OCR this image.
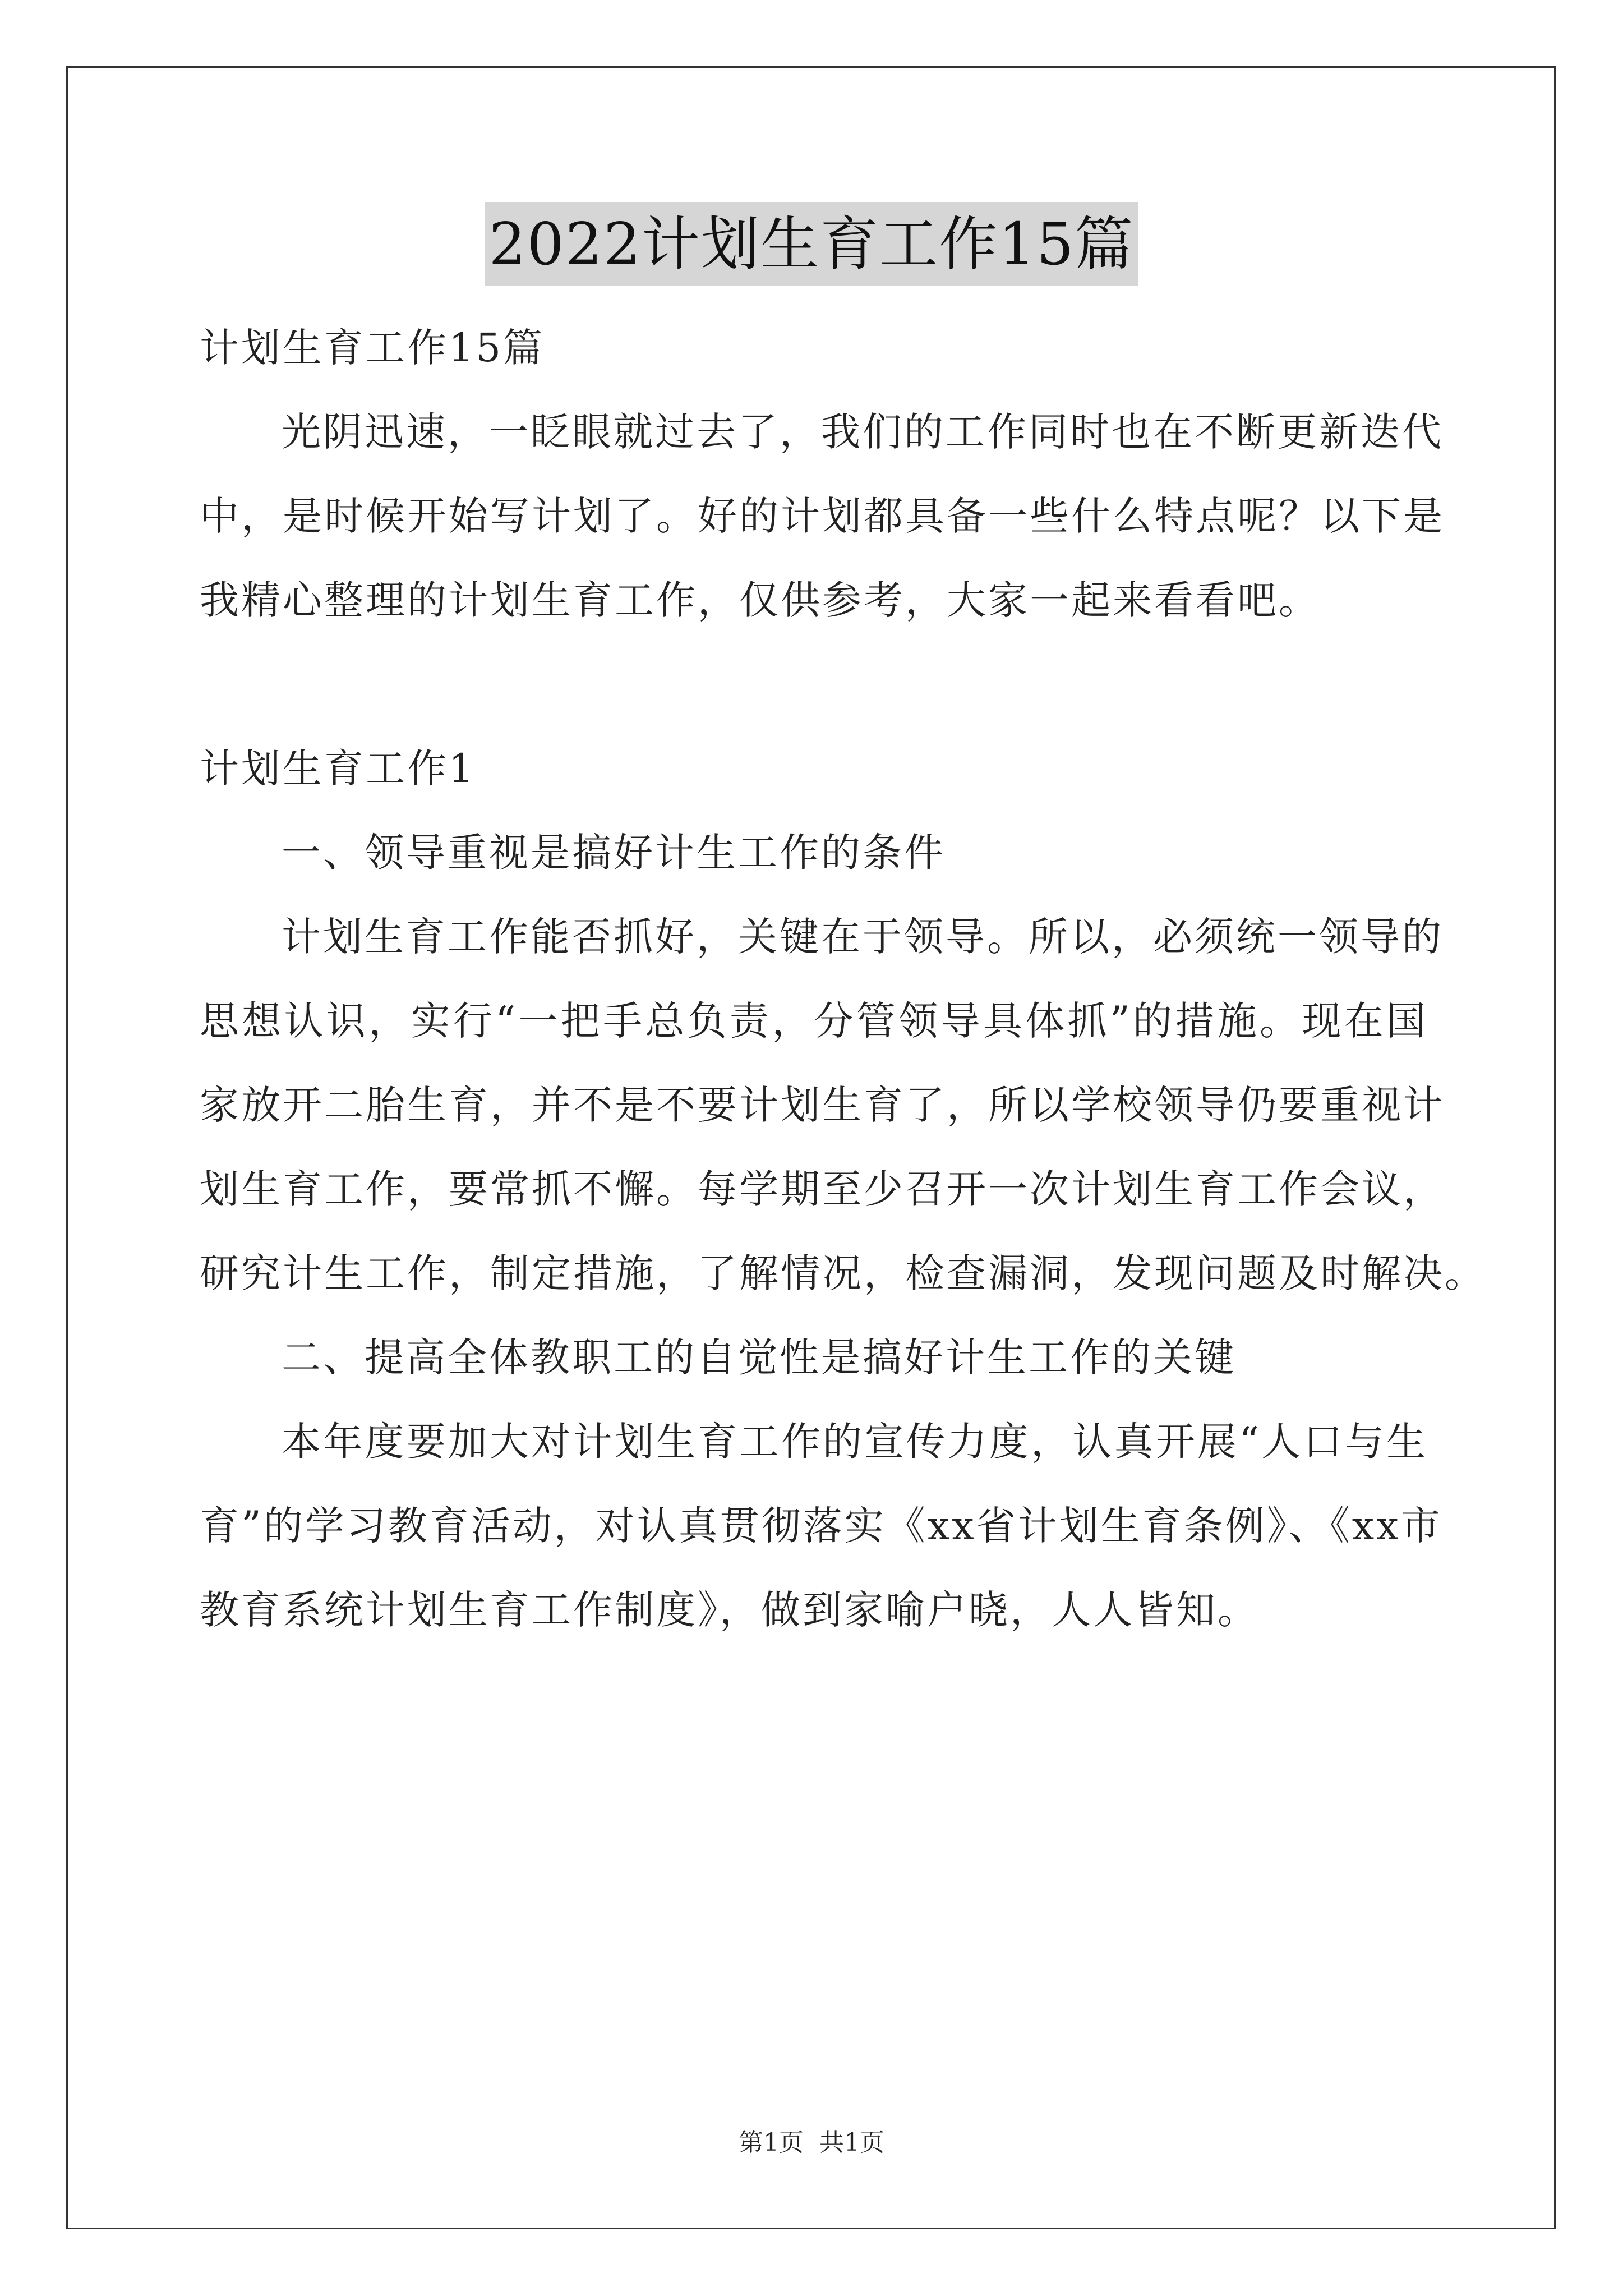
2022计划生育工作15篇
计划生育工作15篇
光阴迅速，一眨眼就过去了，我们的工作同时也在不断更新迭代
中，是时候开始写计划了。好的计划都具备一些什么特点呢？以下是
我精心整理的计划生育工作，仅供参考，大家一起来看看吧。
计划生育工作1
一、领导重视是搞好计生工作的条件
计划生育工作能否抓好，关键在于领导。所以，必须统一领导的
思想认识，实行“一把手总负责，分管领导具体抓”的措施。现在国
家放开二胎生育，并不是不要计划生育了，所以学校领导仍要重视计
划生育工作，要常抓不懈。每学期至少召开一次计划生育工作会议，
研究计生工作，制定措施，了解情况，检查漏洞，发现问题及时解决。
二、提高全体教职工的自觉性是搞好计生工作的关键
本年度要加大对计划生育工作的宣传力度，认真开展“人口与生
育”的学习教育活动，对认真贯彻落实《xx省计划生育条例》、《xx市
教育系统计划生育工作制度》，做到家喻户晓，人人皆知。
第1页 共1页
